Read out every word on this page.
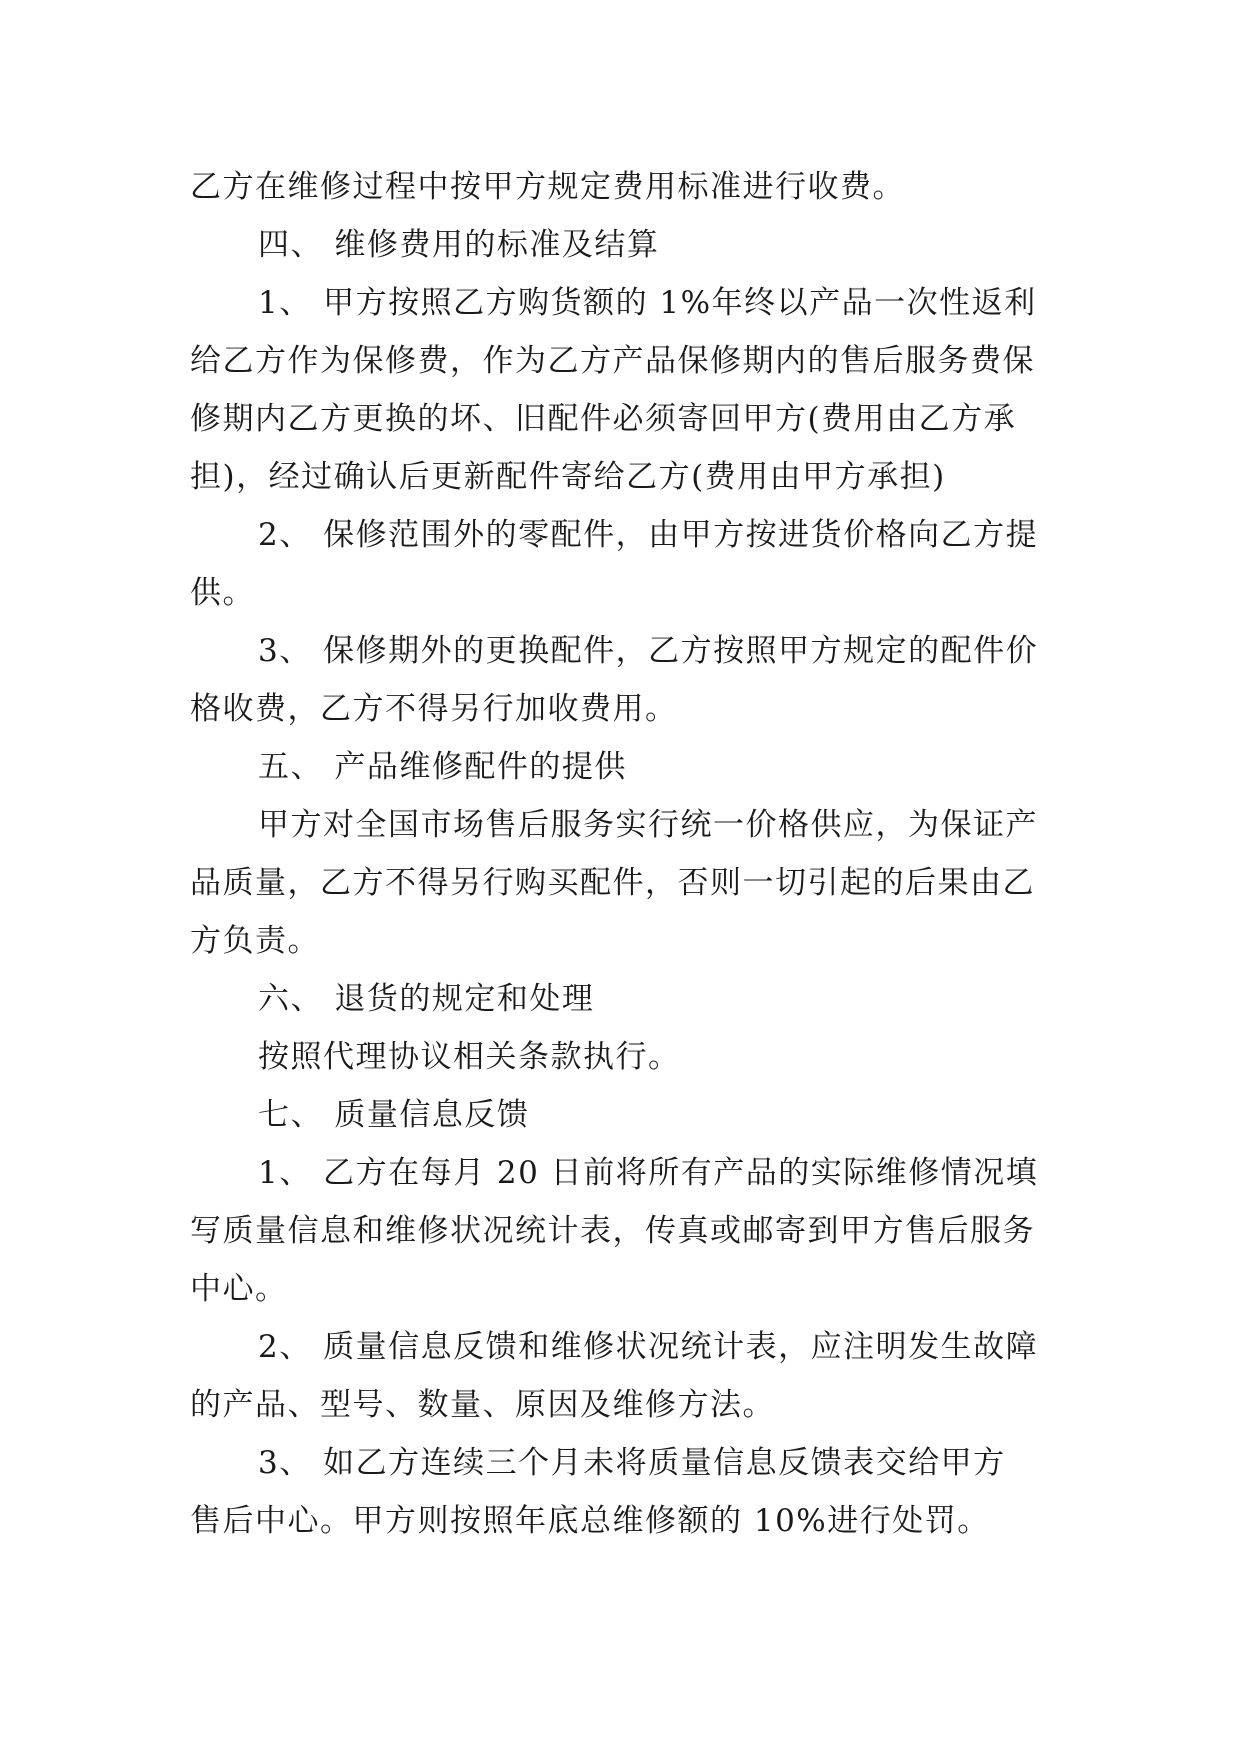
乙方在维修过程中按甲方规定费用标准进行收费。
四、 维修费用的标准及结算
1、 甲方按照乙方购货额的 1%年终以产品一次性返利
给乙方作为保修费，作为乙方产品保修期内的售后服务费保
修期内乙方更换的坏、旧配件必须寄回甲方(费用由乙方承
担)，经过确认后更新配件寄给乙方(费用由甲方承担)
2、 保修范围外的零配件，由甲方按进货价格向乙方提
供。
3、 保修期外的更换配件，乙方按照甲方规定的配件价
格收费，乙方不得另行加收费用。
五、 产品维修配件的提供
甲方对全国市场售后服务实行统一价格供应，为保证产
品质量，乙方不得另行购买配件，否则一切引起的后果由乙
方负责。
六、 退货的规定和处理
按照代理协议相关条款执行。
七、 质量信息反馈
1、 乙方在每月 20 日前将所有产品的实际维修情况填
写质量信息和维修状况统计表，传真或邮寄到甲方售后服务
中心。
2、 质量信息反馈和维修状况统计表，应注明发生故障
的产品、型号、数量、原因及维修方法。
3、 如乙方连续三个月未将质量信息反馈表交给甲方
售后中心。甲方则按照年底总维修额的 10%进行处罚。
